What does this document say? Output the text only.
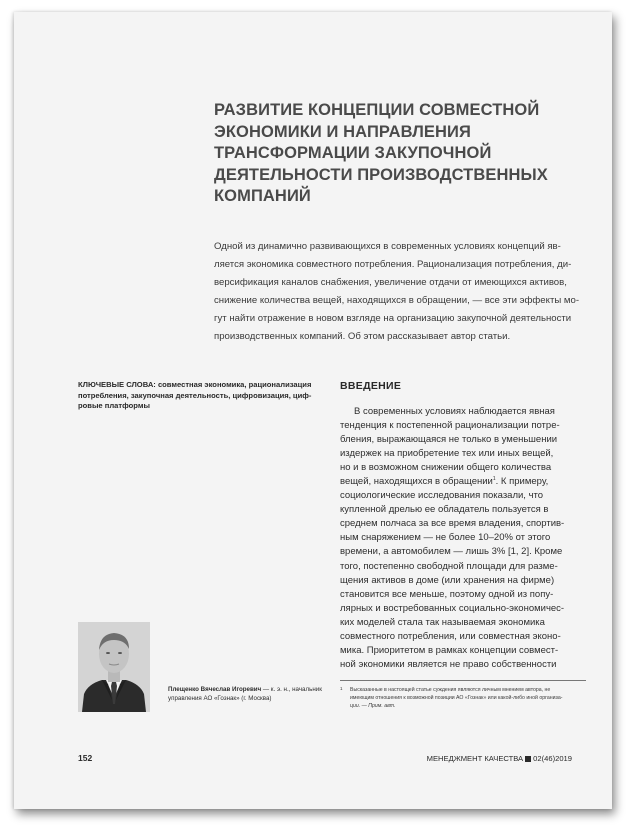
РАЗВИТИЕ КОНЦЕПЦИИ СОВМЕСТНОЙ
ЭКОНОМИКИ И НАПРАВЛЕНИЯ
ТРАНСФОРМАЦИИ ЗАКУПОЧНОЙ
ДЕЯТЕЛЬНОСТИ ПРОИЗВОДСТВЕННЫХ
КОМПАНИЙ
Одной из динамично развивающихся в современных условиях концепций яв-
ляется экономика совместного потребления. Рационализация потребления, ди-
версификация каналов снабжения, увеличение отдачи от имеющихся активов,
снижение количества вещей, находящихся в обращении, — все эти эффекты мо-
гут найти отражение в новом взгляде на организацию закупочной деятельности
производственных компаний. Об этом рассказывает автор статьи.
КЛЮЧЕВЫЕ СЛОВА: совместная экономика, рационализация
потребления, закупочная деятельность, цифровизация, циф-
ровые платформы
ВВЕДЕНИЕ
В современных условиях наблюдается явная
тенденция к постепенной рационализации потре-
бления, выражающаяся не только в уменьшении
издержек на приобретение тех или иных вещей,
но и в возможном снижении общего количества
вещей, находящихся в обращении$^1$. К примеру,
социологические исследования показали, что
купленной дрелью ее обладатель пользуется в
среднем полчаса за все время владения, спортив-
ным снаряжением — не более 10–20% от этого
времени, а автомобилем — лишь 3% [1, 2]. Кроме
того, постепенно свободной площади для разме-
щения активов в доме (или хранения на фирме)
становится все меньше, поэтому одной из попу-
лярных и востребованных социально-экономичес-
ких моделей стала так называемая экономика
совместного потребления, или совместная эконо-
мика. Приоритетом в рамках концепции совмест-
ной экономики является не право собственности
1 Высказанные в настоящей статье суждения являются личным мнением автора, не
имеющим отношения к возможной позиции АО «Гознак» или какой-либо иной организа-
ции. — Прим. авт.
Плещенко Вячеслав Игоревич — к. э. н., начальник
управления АО «Гознак» (г. Москва)
152	МЕНЕДЖМЕНТ КАЧЕСТВА 02(46)2019
